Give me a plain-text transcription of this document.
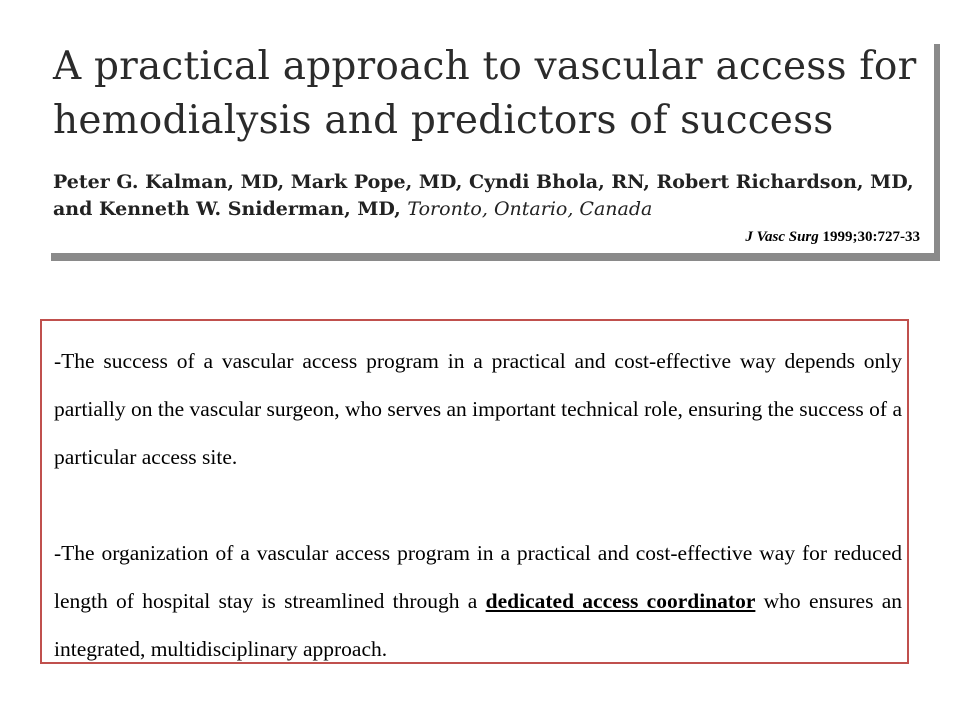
A practical approach to vascular access for hemodialysis and predictors of success

Peter G. Kalman, MD, Mark Pope, MD, Cyndi Bhola, RN, Robert Richardson, MD, and Kenneth W. Sniderman, MD, Toronto, Ontario, Canada

J Vasc Surg 1999;30:727-33

-The success of a vascular access program in a practical and cost-effective way depends only partially on the vascular surgeon, who serves an important technical role, ensuring the success of a particular access site.

-The organization of a vascular access program in a practical and cost-effective way for reduced length of hospital stay is streamlined through a dedicated access coordinator who ensures an integrated, multidisciplinary approach.
